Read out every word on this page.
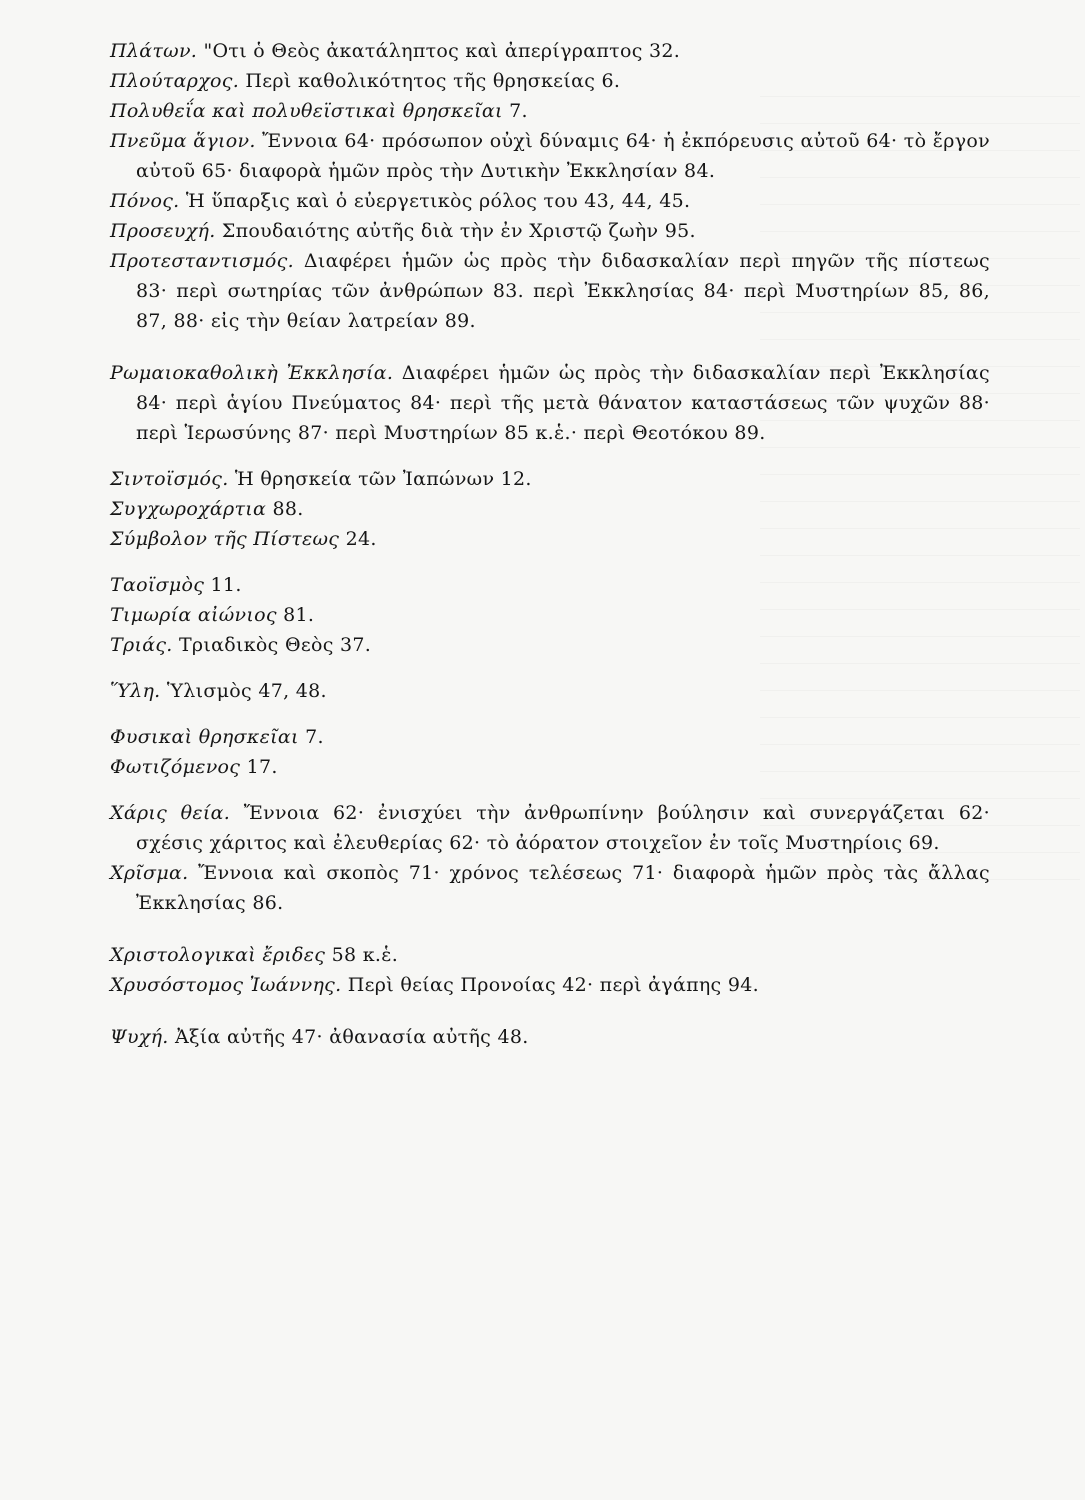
Πλάτων. "Οτι ὁ Θεὸς ἀκατάληπτος καὶ ἀπερίγραπτος 32.

Πλούταρχος. Περὶ καθολικότητος τῆς θρησκείας 6.

Πολυθεΐα καὶ πολυθεϊστικαὶ θρησκεῖαι 7.

Πνεῦμα ἅγιον. Ἔννοια 64· πρόσωπον οὐχὶ δύναμις 64· ἡ ἐκπόρευσις αὐτοῦ 64· τὸ ἔργον αὐτοῦ 65· διαφορὰ ἡμῶν πρὸς τὴν Δυτικὴν Ἐκκλησίαν 84.

Πόνος. Ἡ ὕπαρξις καὶ ὁ εὐεργετικὸς ρόλος του 43, 44, 45.

Προσευχή. Σπουδαιότης αὐτῆς διὰ τὴν ἐν Χριστῷ ζωὴν 95.

Προτεσταντισμός. Διαφέρει ἡμῶν ὡς πρὸς τὴν διδασκαλίαν περὶ πηγῶν τῆς πίστεως 83· περὶ σωτηρίας τῶν ἀνθρώπων 83. περὶ Ἐκκλησίας 84· περὶ Μυστηρίων 85, 86, 87, 88· εἰς τὴν θείαν λατρείαν 89.

Ρωμαιοκαθολικὴ Ἐκκλησία. Διαφέρει ἡμῶν ὡς πρὸς τὴν διδασκαλίαν περὶ Ἐκκλησίας 84· περὶ ἁγίου Πνεύματος 84· περὶ τῆς μετὰ θάνατον καταστάσεως τῶν ψυχῶν 88· περὶ Ἱερωσύνης 87· περὶ Μυστηρίων 85 κ.ἑ.· περὶ Θεοτόκου 89.

Σιντοϊσμός. Ἡ θρησκεία τῶν Ἰαπώνων 12.

Συγχωροχάρτια 88.

Σύμβολον τῆς Πίστεως 24.

Ταοϊσμὸς 11.

Τιμωρία αἰώνιος 81.

Τριάς. Τριαδικὸς Θεὸς 37.

Ὕλη. Ὑλισμὸς 47, 48.

Φυσικαὶ θρησκεῖαι 7.

Φωτιζόμενος 17.

Χάρις θεία. Ἔννοια 62· ἐνισχύει τὴν ἀνθρωπίνην βούλησιν καὶ συνεργάζεται 62· σχέσις χάριτος καὶ ἐλευθερίας 62· τὸ ἀόρατον στοιχεῖον ἐν τοῖς Μυστηρίοις 69.

Χρῖσμα. Ἔννοια καὶ σκοπὸς 71· χρόνος τελέσεως 71· διαφορὰ ἡμῶν πρὸς τὰς ἄλλας Ἐκκλησίας 86.

Χριστολογικαὶ ἔριδες 58 κ.ἑ.

Χρυσόστομος Ἰωάννης. Περὶ θείας Προνοίας 42· περὶ ἀγάπης 94.

Ψυχή. Ἀξία αὐτῆς 47· ἀθανασία αὐτῆς 48.
